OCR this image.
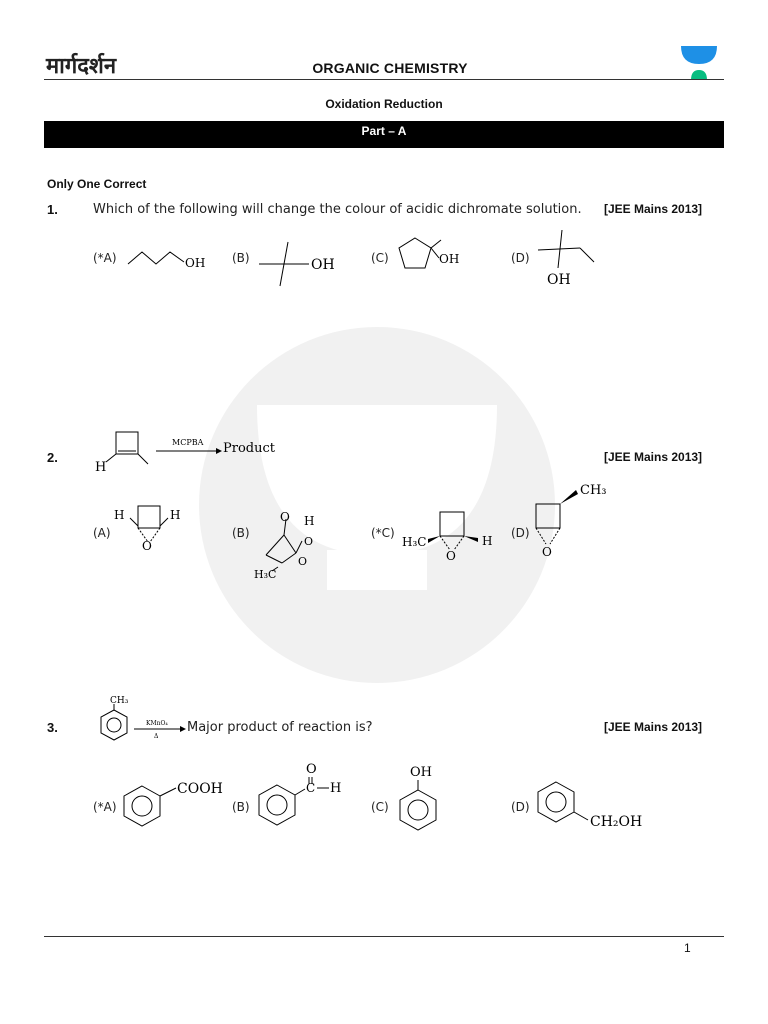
मार्गदर्शन	ORGANIC CHEMISTRY
Oxidation Reduction
Part – A
Only One Correct
1.	Which of the following will change the colour of acidic dichromate solution. [JEE Mains 2013]
(*A)	OH (B)	OH	(C)	OH	(D)
OH
2.
H
MCPBA Product
[JEE Mains 2013]
(A)
H	H
O
(B)
O H
O
O
H₃C
(*C)
H₃C	H
O
(D)
CH₃
O
3.
CH₃
KMnO₄
Δ
Major product of reaction is?	[JEE Mains 2013]
(*A)
COOH
(B)
O
C H
(C)
OH
(D)
CH₂OH
1
